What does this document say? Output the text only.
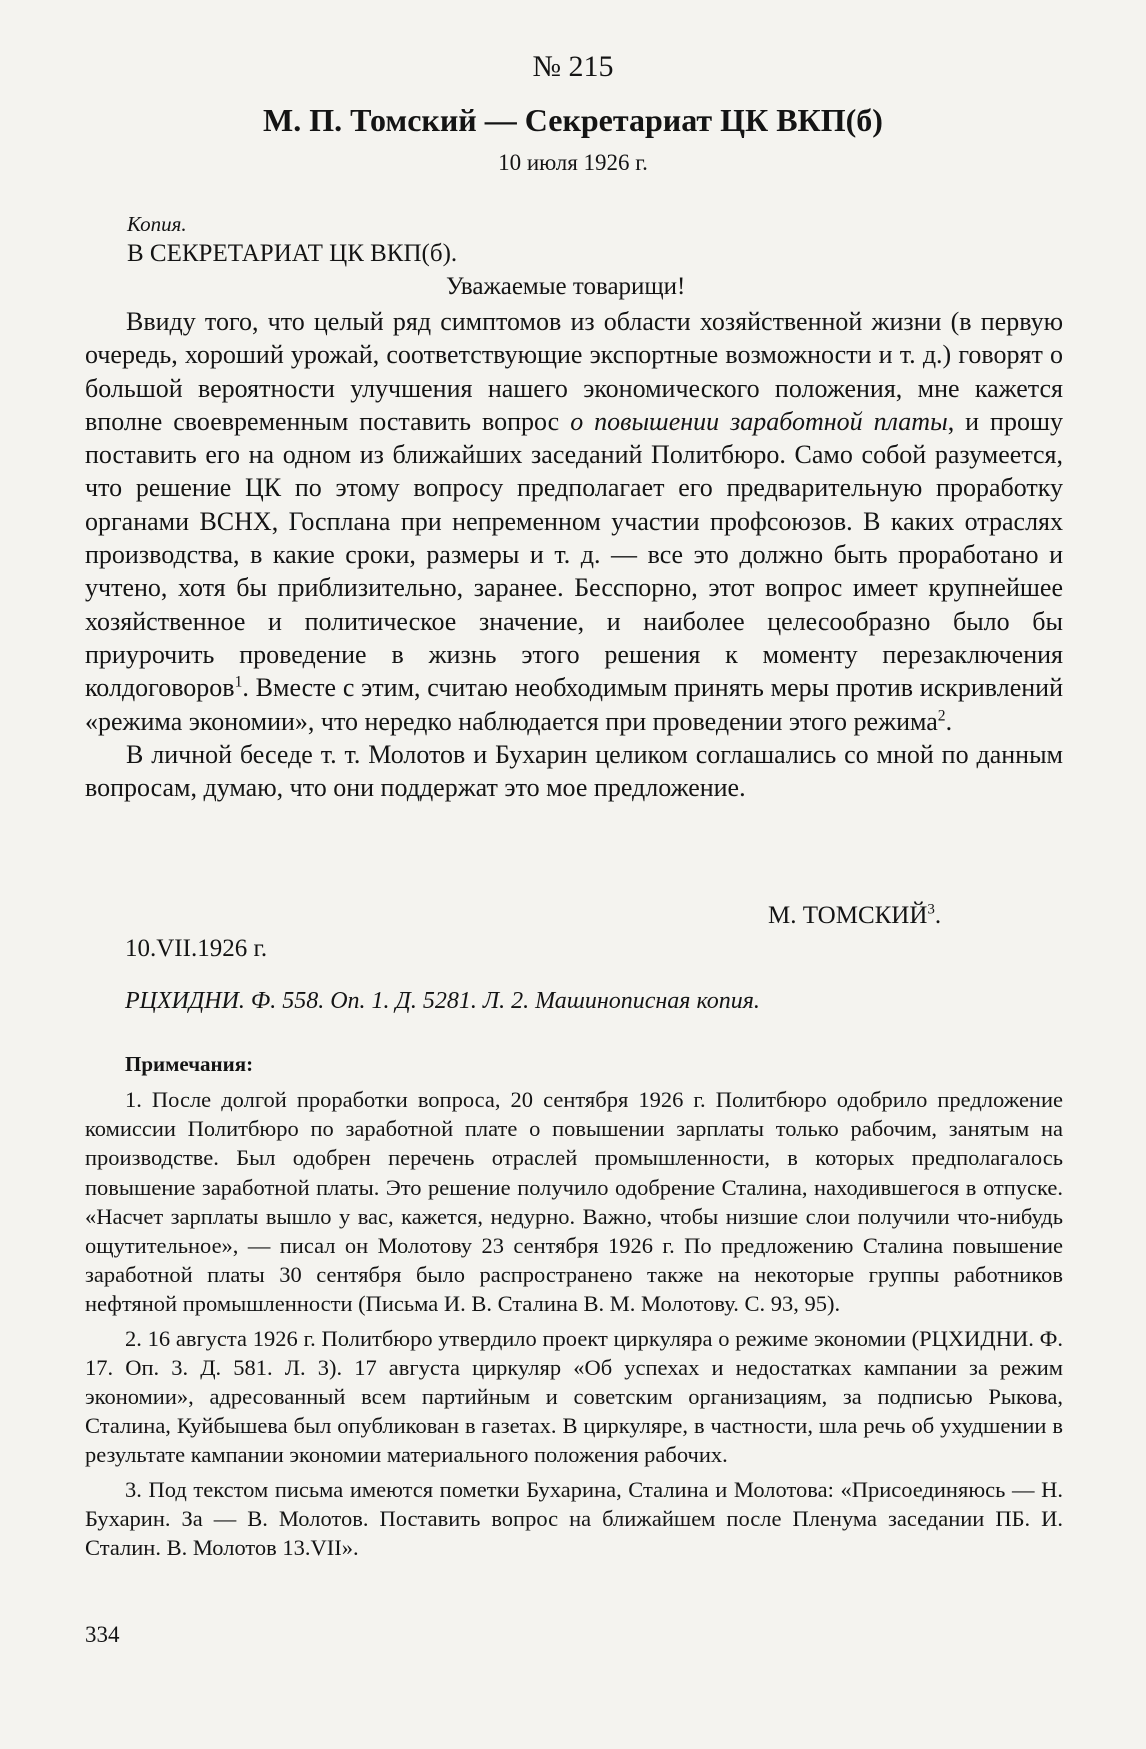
№ 215
М. П. Томский — Секретариат ЦК ВКП(б)
10 июля 1926 г.
Копия.
В СЕКРЕТАРИАТ ЦК ВКП(б).
Уважаемые товарищи!

Ввиду того, что целый ряд симптомов из области хозяйственной жизни (в первую очередь, хороший урожай, соответствующие экспортные возможности и т. д.) говорят о большой вероятности улучшения нашего экономического положения, мне кажется вполне своевременным поставить вопрос о повышении заработной платы, и прошу поставить его на одном из ближайших заседаний Политбюро. Само собой разумеется, что решение ЦК по этому вопросу предполагает его предварительную проработку органами ВСНХ, Госплана при непременном участии профсоюзов. В каких отраслях производства, в какие сроки, размеры и т. д. — все это должно быть проработано и учтено, хотя бы приблизительно, заранее. Бесспорно, этот вопрос имеет крупнейшее хозяйственное и политическое значение, и наиболее целесообразно было бы приурочить проведение в жизнь этого решения к моменту перезаключения колдоговоров$^1$. Вместе с этим, считаю необходимым принять меры против искривлений «режима экономии», что нередко наблюдается при проведении этого режима$^2$.

В личной беседе т. т. Молотов и Бухарин целиком соглашались со мной по данным вопросам, думаю, что они поддержат это мое предложение.

М. ТОМСКИЙ$^3$.
10.VII.1926 г.
РЦХИДНИ. Ф. 558. Оп. 1. Д. 5281. Л. 2. Машинописная копия.
Примечания:

1. После долгой проработки вопроса, 20 сентября 1926 г. Политбюро одобрило предложение комиссии Политбюро по заработной плате о повышении зарплаты только рабочим, занятым на производстве. Был одобрен перечень отраслей промышленности, в которых предполагалось повышение заработной платы. Это решение получило одобрение Сталина, находившегося в отпуске. «Насчет зарплаты вышло у вас, кажется, недурно. Важно, чтобы низшие слои получили что-нибудь ощутительное», — писал он Молотову 23 сентября 1926 г. По предложению Сталина повышение заработной платы 30 сентября было распространено также на некоторые группы работников нефтяной промышленности (Письма И. В. Сталина В. М. Молотову. С. 93, 95).

2. 16 августа 1926 г. Политбюро утвердило проект циркуляра о режиме экономии (РЦХИДНИ. Ф. 17. Оп. 3. Д. 581. Л. 3). 17 августа циркуляр «Об успехах и недостатках кампании за режим экономии», адресованный всем партийным и советским организациям, за подписью Рыкова, Сталина, Куйбышева был опубликован в газетах. В циркуляре, в частности, шла речь об ухудшении в результате кампании экономии материального положения рабочих.

3. Под текстом письма имеются пометки Бухарина, Сталина и Молотова: «Присоединяюсь — Н. Бухарин. За — В. Молотов. Поставить вопрос на ближайшем после Пленума заседании ПБ. И. Сталин. В. Молотов 13.VII».

334
